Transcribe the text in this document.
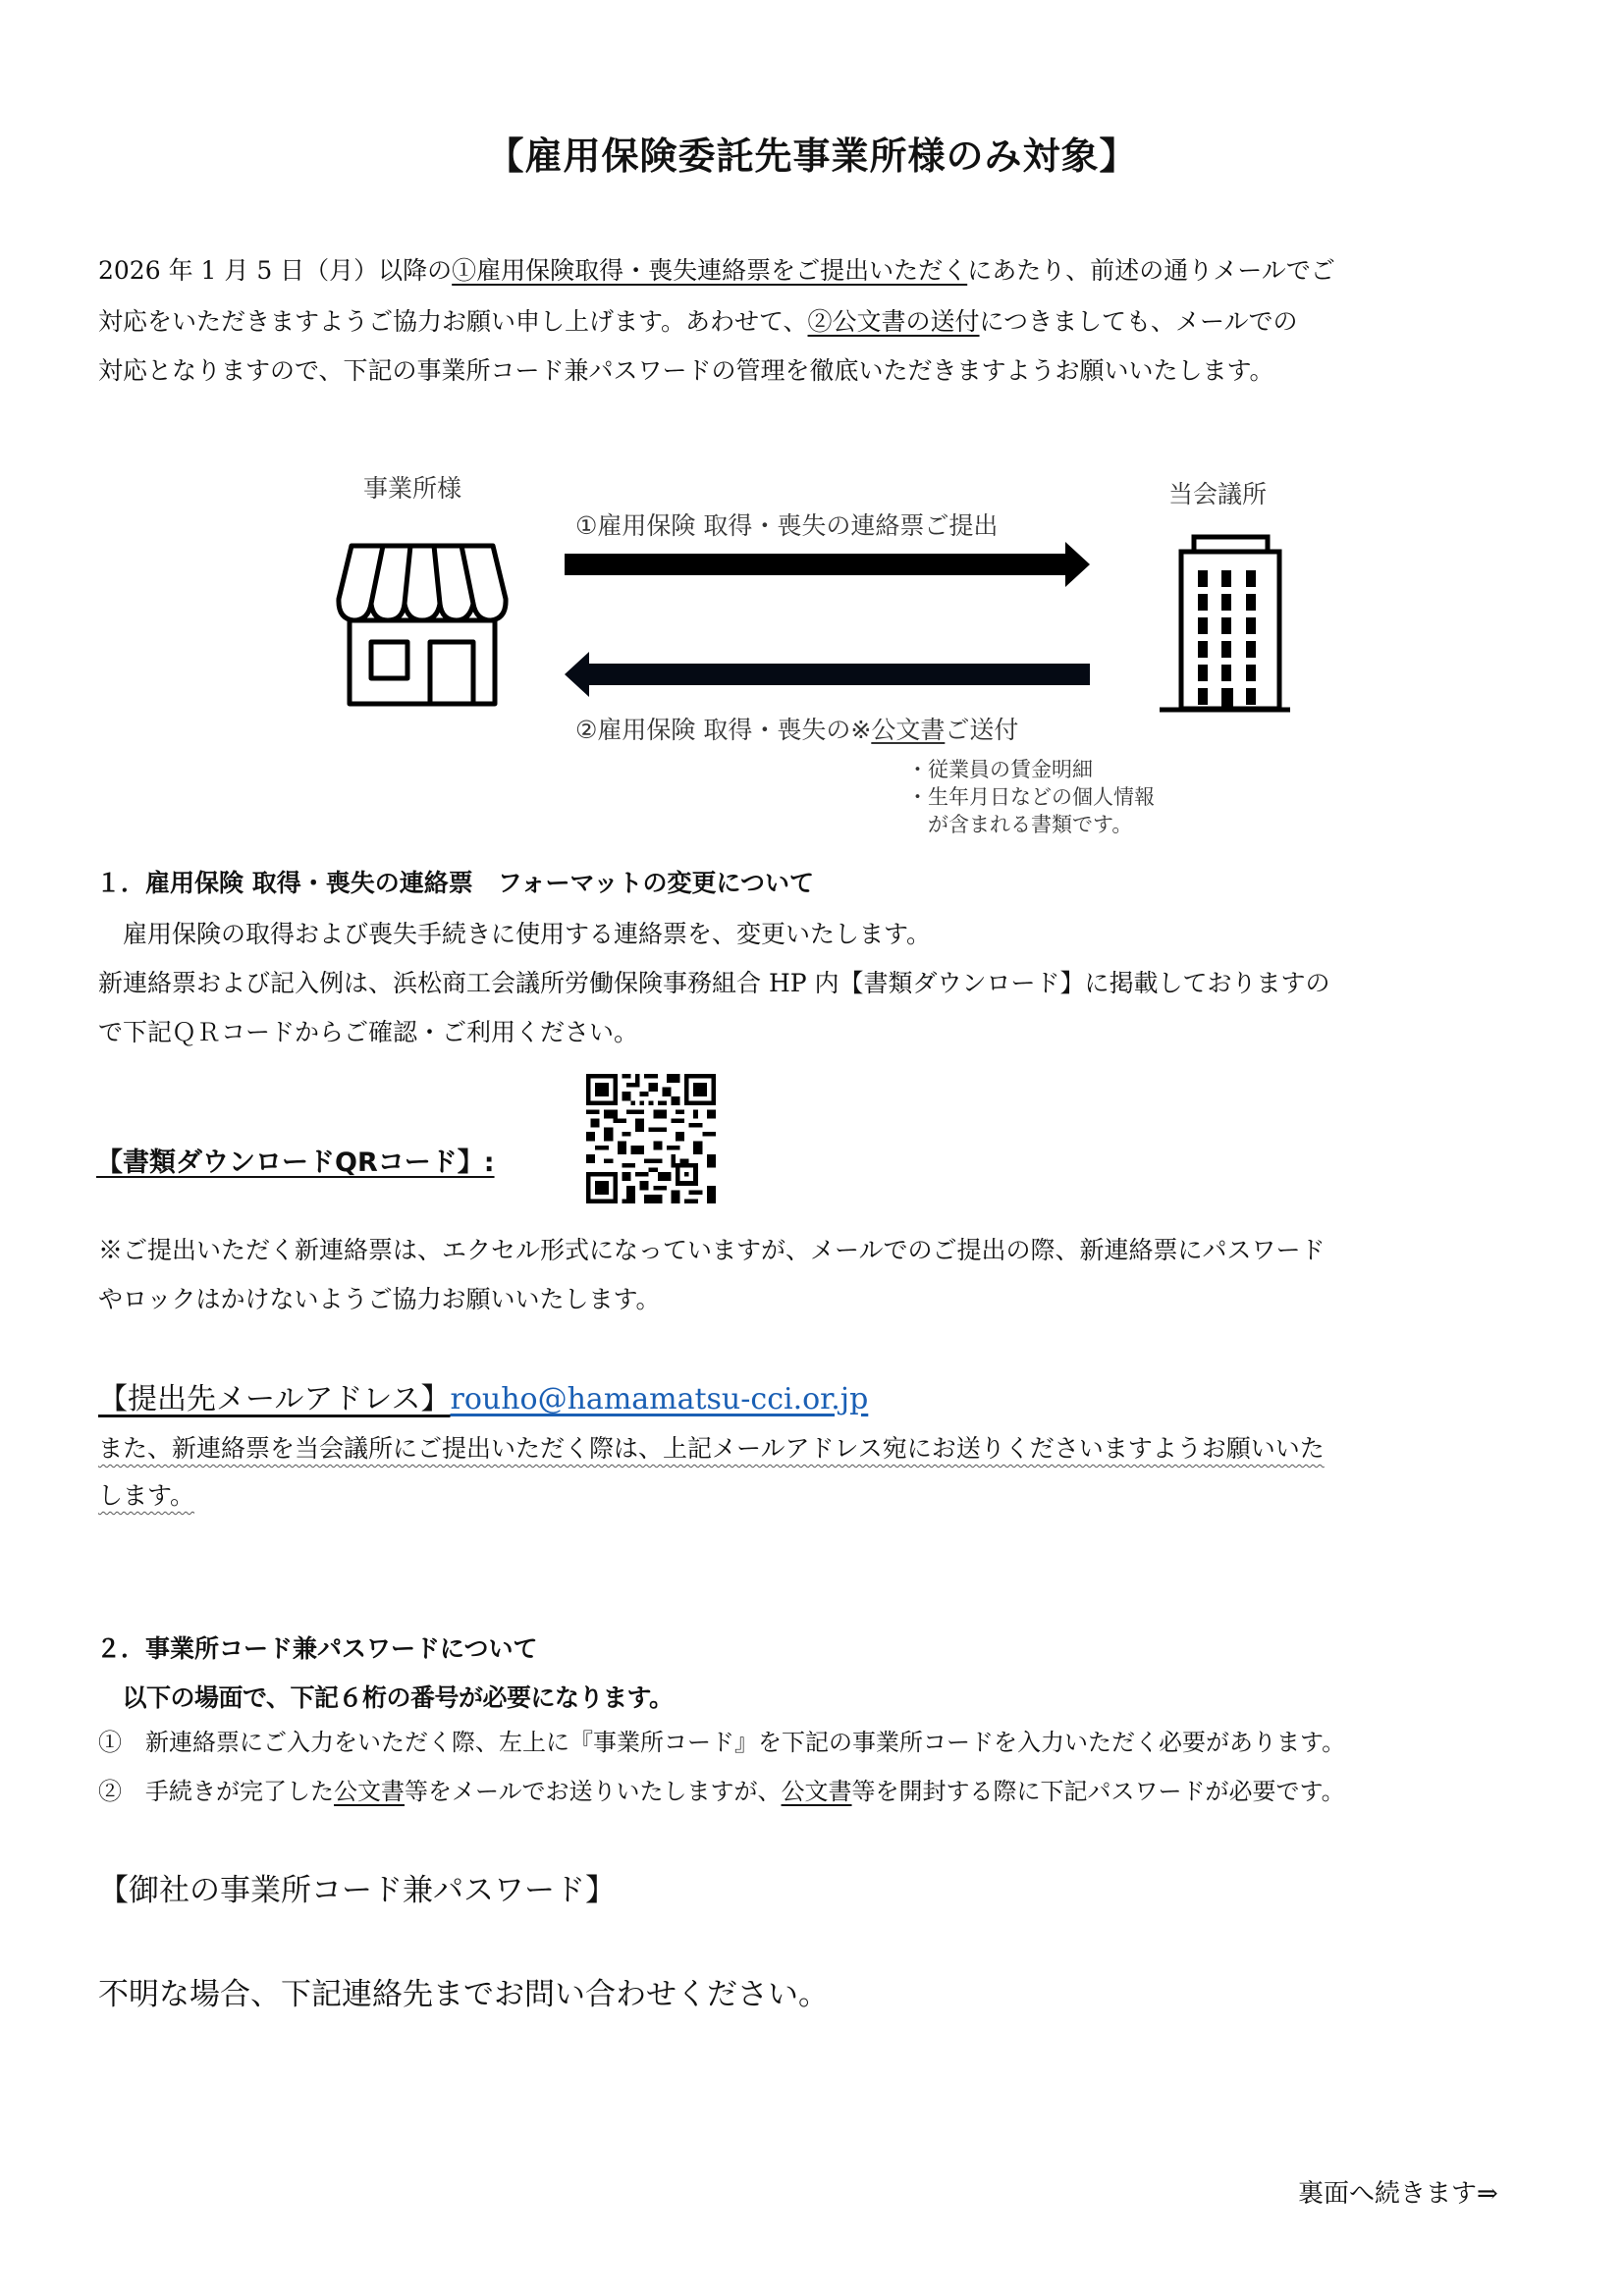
【雇用保険委託先事業所様のみ対象】
2026 年 1 月 5 日（月）以降の①雇用保険取得・喪失連絡票をご提出いただくにあたり、前述の通りメールでご
対応をいただきますようご協力お願い申し上げます。あわせて、②公文書の送付につきましても、メールでの
対応となりますので、下記の事業所コード兼パスワードの管理を徹底いただきますようお願いいたします。
事業所様	当会議所
①雇用保険 取得・喪失の連絡票ご提出
②雇用保険 取得・喪失の※公文書ご送付
・従業員の賃金明細
・生年月日などの個人情報
　が含まれる書類です。
１．雇用保険 取得・喪失の連絡票　フォーマットの変更について
　雇用保険の取得および喪失手続きに使用する連絡票を、変更いたします。
新連絡票および記入例は、浜松商工会議所労働保険事務組合 HP 内【書類ダウンロード】に掲載しておりますの
で下記ＱＲコードからご確認・ご利用ください。
【書類ダウンロードQRコード】:
※ご提出いただく新連絡票は、エクセル形式になっていますが、メールでのご提出の際、新連絡票にパスワード
やロックはかけないようご協力お願いいたします。
【提出先メールアドレス】rouho@hamamatsu-cci.or.jp
また、新連絡票を当会議所にご提出いただく際は、上記メールアドレス宛にお送りくださいますようお願いいた
します。
２．事業所コード兼パスワードについて
　以下の場面で、下記６桁の番号が必要になります。
①　新連絡票にご入力をいただく際、左上に『事業所コード』を下記の事業所コードを入力いただく必要があります。
②　手続きが完了した公文書等をメールでお送りいたしますが、公文書等を開封する際に下記パスワードが必要です。
【御社の事業所コード兼パスワード】
不明な場合、下記連絡先までお問い合わせください。
裏面へ続きます⇒
